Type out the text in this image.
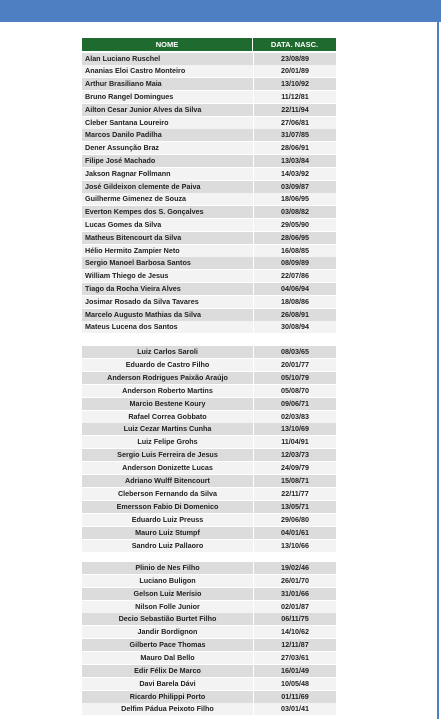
NOME	DATA. NASC.
Alan Luciano Ruschel	23/08/89
Ananias Eloi Castro Monteiro	20/01/89
Arthur Brasiliano Maia	13/10/92
Bruno Rangel Domingues	11/12/81
Ailton Cesar Junior Alves da Silva	22/11/94
Cleber Santana Loureiro	27/06/81
Marcos Danilo Padilha	31/07/85
Dener Assunção Braz	28/06/91
Filipe José Machado	13/03/84
Jakson Ragnar Follmann	14/03/92
José Gildeixon clemente de Paiva	03/09/87
Guilherme Gimenez de Souza	18/06/95
Everton Kempes dos S. Gonçalves	03/08/82
Lucas Gomes da Silva	29/05/90
Matheus Bitencourt da Silva	28/06/95
Hélio Hermito Zampier Neto	16/08/85
Sergio Manoel Barbosa Santos	08/09/89
William Thiego de Jesus	22/07/86
Tiago da Rocha Vieira Alves	04/06/94
Josimar Rosado da Silva Tavares	18/08/86
Marcelo Augusto Mathias da Silva	26/08/91
Mateus Lucena dos Santos	30/08/94
Luiz Carlos Saroli	08/03/65
Eduardo de Castro Filho	20/01/77
Anderson Rodrigues Paixão Araújo	05/10/79
Anderson Roberto Martins	05/08/70
Marcio Bestene Koury	09/06/71
Rafael Correa Gobbato	02/03/83
Luiz Cezar Martins Cunha	13/10/69
Luiz Felipe Grohs	11/04/91
Sergio Luis Ferreira de Jesus	12/03/73
Anderson Donizette Lucas	24/09/79
Adriano Wulff Bitencourt	15/08/71
Cleberson Fernando da Silva	22/11/77
Emersson Fabio Di Domenico	13/05/71
Eduardo Luiz Preuss	29/06/80
Mauro Luiz Stumpf	04/01/61
Sandro Luiz Pallaoro	13/10/66
Plinio de Nes Filho	19/02/46
Luciano Buligon	26/01/70
Gelson Luiz Merísio	31/01/66
Nilson Folle Junior	02/01/87
Decio Sebastião Burtet Filho	06/11/75
Jandir Bordignon	14/10/62
Gilberto Pace Thomas	12/11/87
Mauro Dal Bello	27/03/61
Edir Félix De Marco	16/01/49
Davi Barela Dávi	10/05/48
Ricardo Philippi Porto	01/11/69
Delfim Pádua Peixoto Filho	03/01/41
